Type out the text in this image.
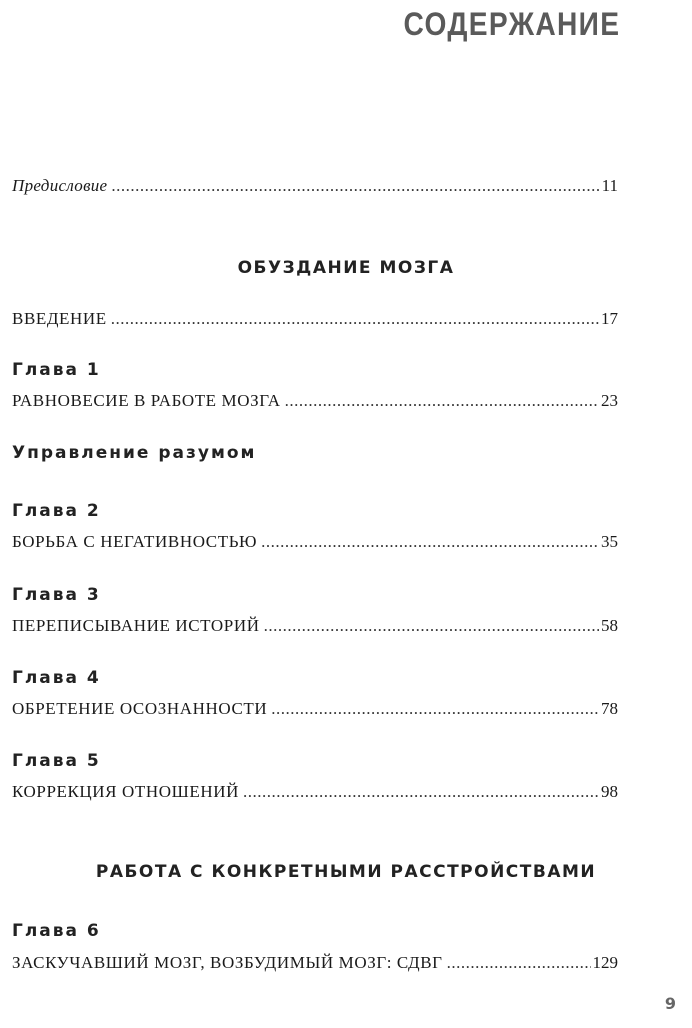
СОДЕРЖАНИЕ
Предисловие .....	11
ОБУЗДАНИЕ МОЗГА
ВВЕДЕНИЕ .....	17
Глава 1
РАВНОВЕСИЕ В РАБОТЕ МОЗГА .....	23
Управление разумом
Глава 2
БОРЬБА С НЕГАТИВНОСТЬЮ .....	35
Глава 3
ПЕРЕПИСЫВАНИЕ ИСТОРИЙ .....	58
Глава 4
ОБРЕТЕНИЕ ОСОЗНАННОСТИ .....	78
Глава 5
КОРРЕКЦИЯ ОТНОШЕНИЙ .....	98
РАБОТА С КОНКРЕТНЫМИ РАССТРОЙСТВАМИ
Глава 6
ЗАСКУЧАВШИЙ МОЗГ, ВОЗБУДИМЫЙ МОЗГ: СДВГ .....	129
9
